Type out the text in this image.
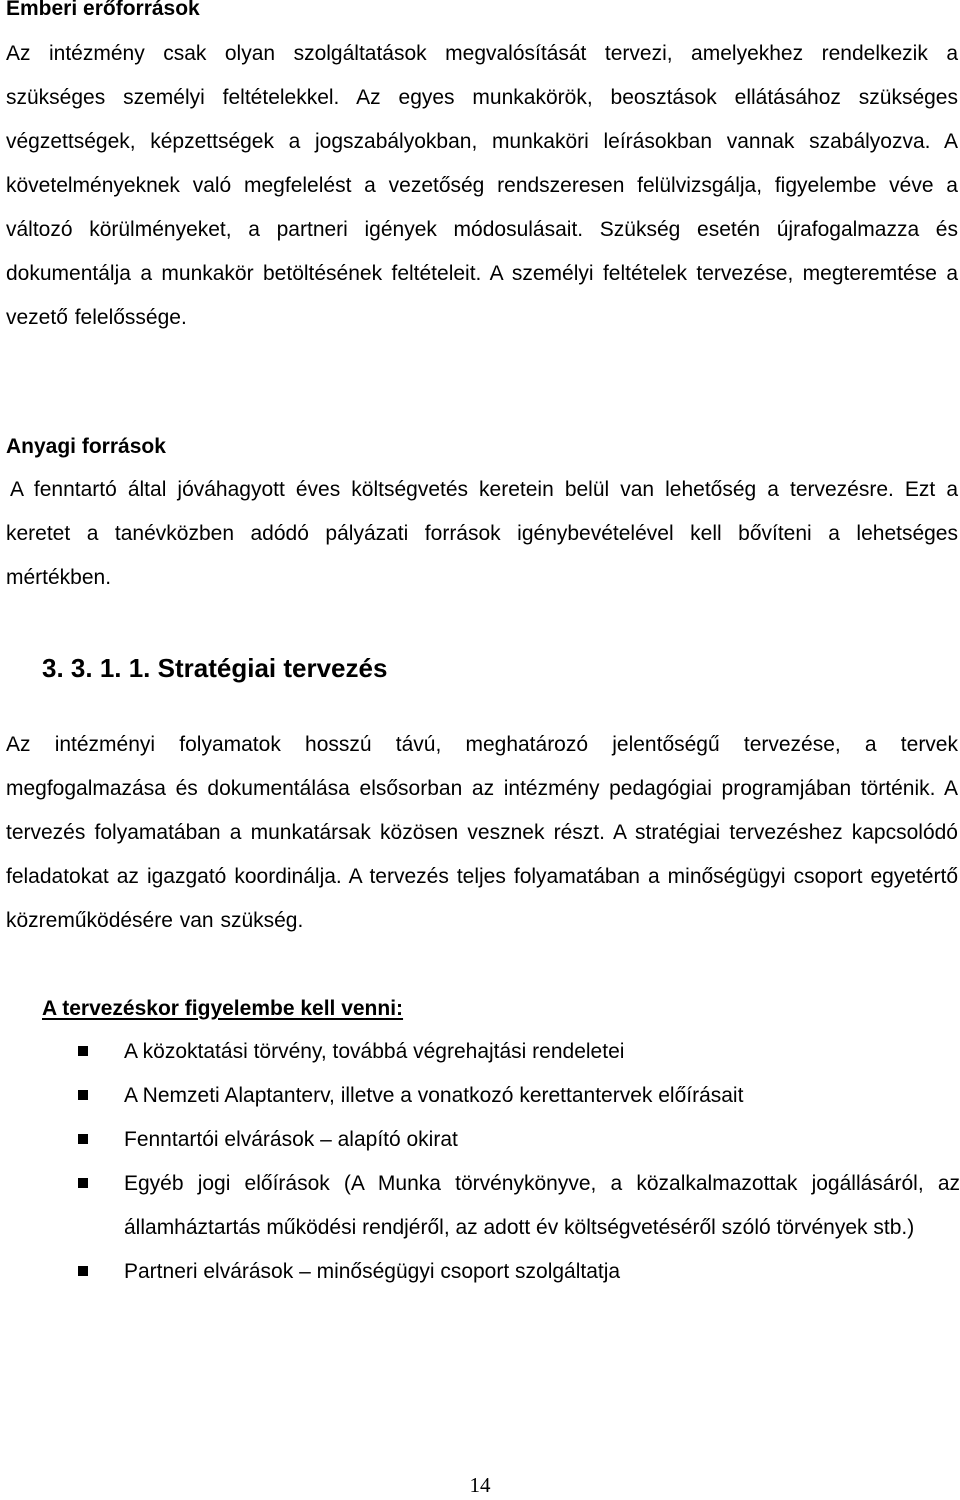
Emberi erőforrások

Az intézmény csak olyan szolgáltatások megvalósítását tervezi, amelyekhez rendelkezik a szükséges személyi feltételekkel. Az egyes munkakörök, beosztások ellátásához szükséges végzettségek, képzettségek a jogszabályokban, munkaköri leírásokban vannak szabályozva. A követelményeknek való megfelelést a vezetőség rendszeresen felülvizsgálja, figyelembe véve a változó körülményeket, a partneri igények módosulásait. Szükség esetén újrafogalmazza és dokumentálja a munkakör betöltésének feltételeit. A személyi feltételek tervezése, megteremtése a vezető felelőssége.

Anyagi források

A fenntartó által jóváhagyott éves költségvetés keretein belül van lehetőség a tervezésre. Ezt a keretet a tanévközben adódó pályázati források igénybevételével kell bővíteni a lehetséges mértékben.

3. 3. 1. 1. Stratégiai tervezés

Az intézményi folyamatok hosszú távú, meghatározó jelentőségű tervezése, a tervek megfogalmazása és dokumentálása elsősorban az intézmény pedagógiai programjában történik. A tervezés folyamatában a munkatársak közösen vesznek részt. A stratégiai tervezéshez kapcsolódó feladatokat az igazgató koordinálja. A tervezés teljes folyamatában a minőségügyi csoport egyetértő közreműködésére van szükség.

A tervezéskor figyelembe kell venni:

A közoktatási törvény, továbbá végrehajtási rendeletei
A Nemzeti Alaptanterv, illetve a vonatkozó kerettantervek előírásait
Fenntartói elvárások – alapító okirat
Egyéb jogi előírások (A Munka törvénykönyve, a közalkalmazottak jogállásáról, az államháztartás működési rendjéről, az adott év költségvetéséről szóló törvények stb.)
Partneri elvárások – minőségügyi csoport szolgáltatja

14
